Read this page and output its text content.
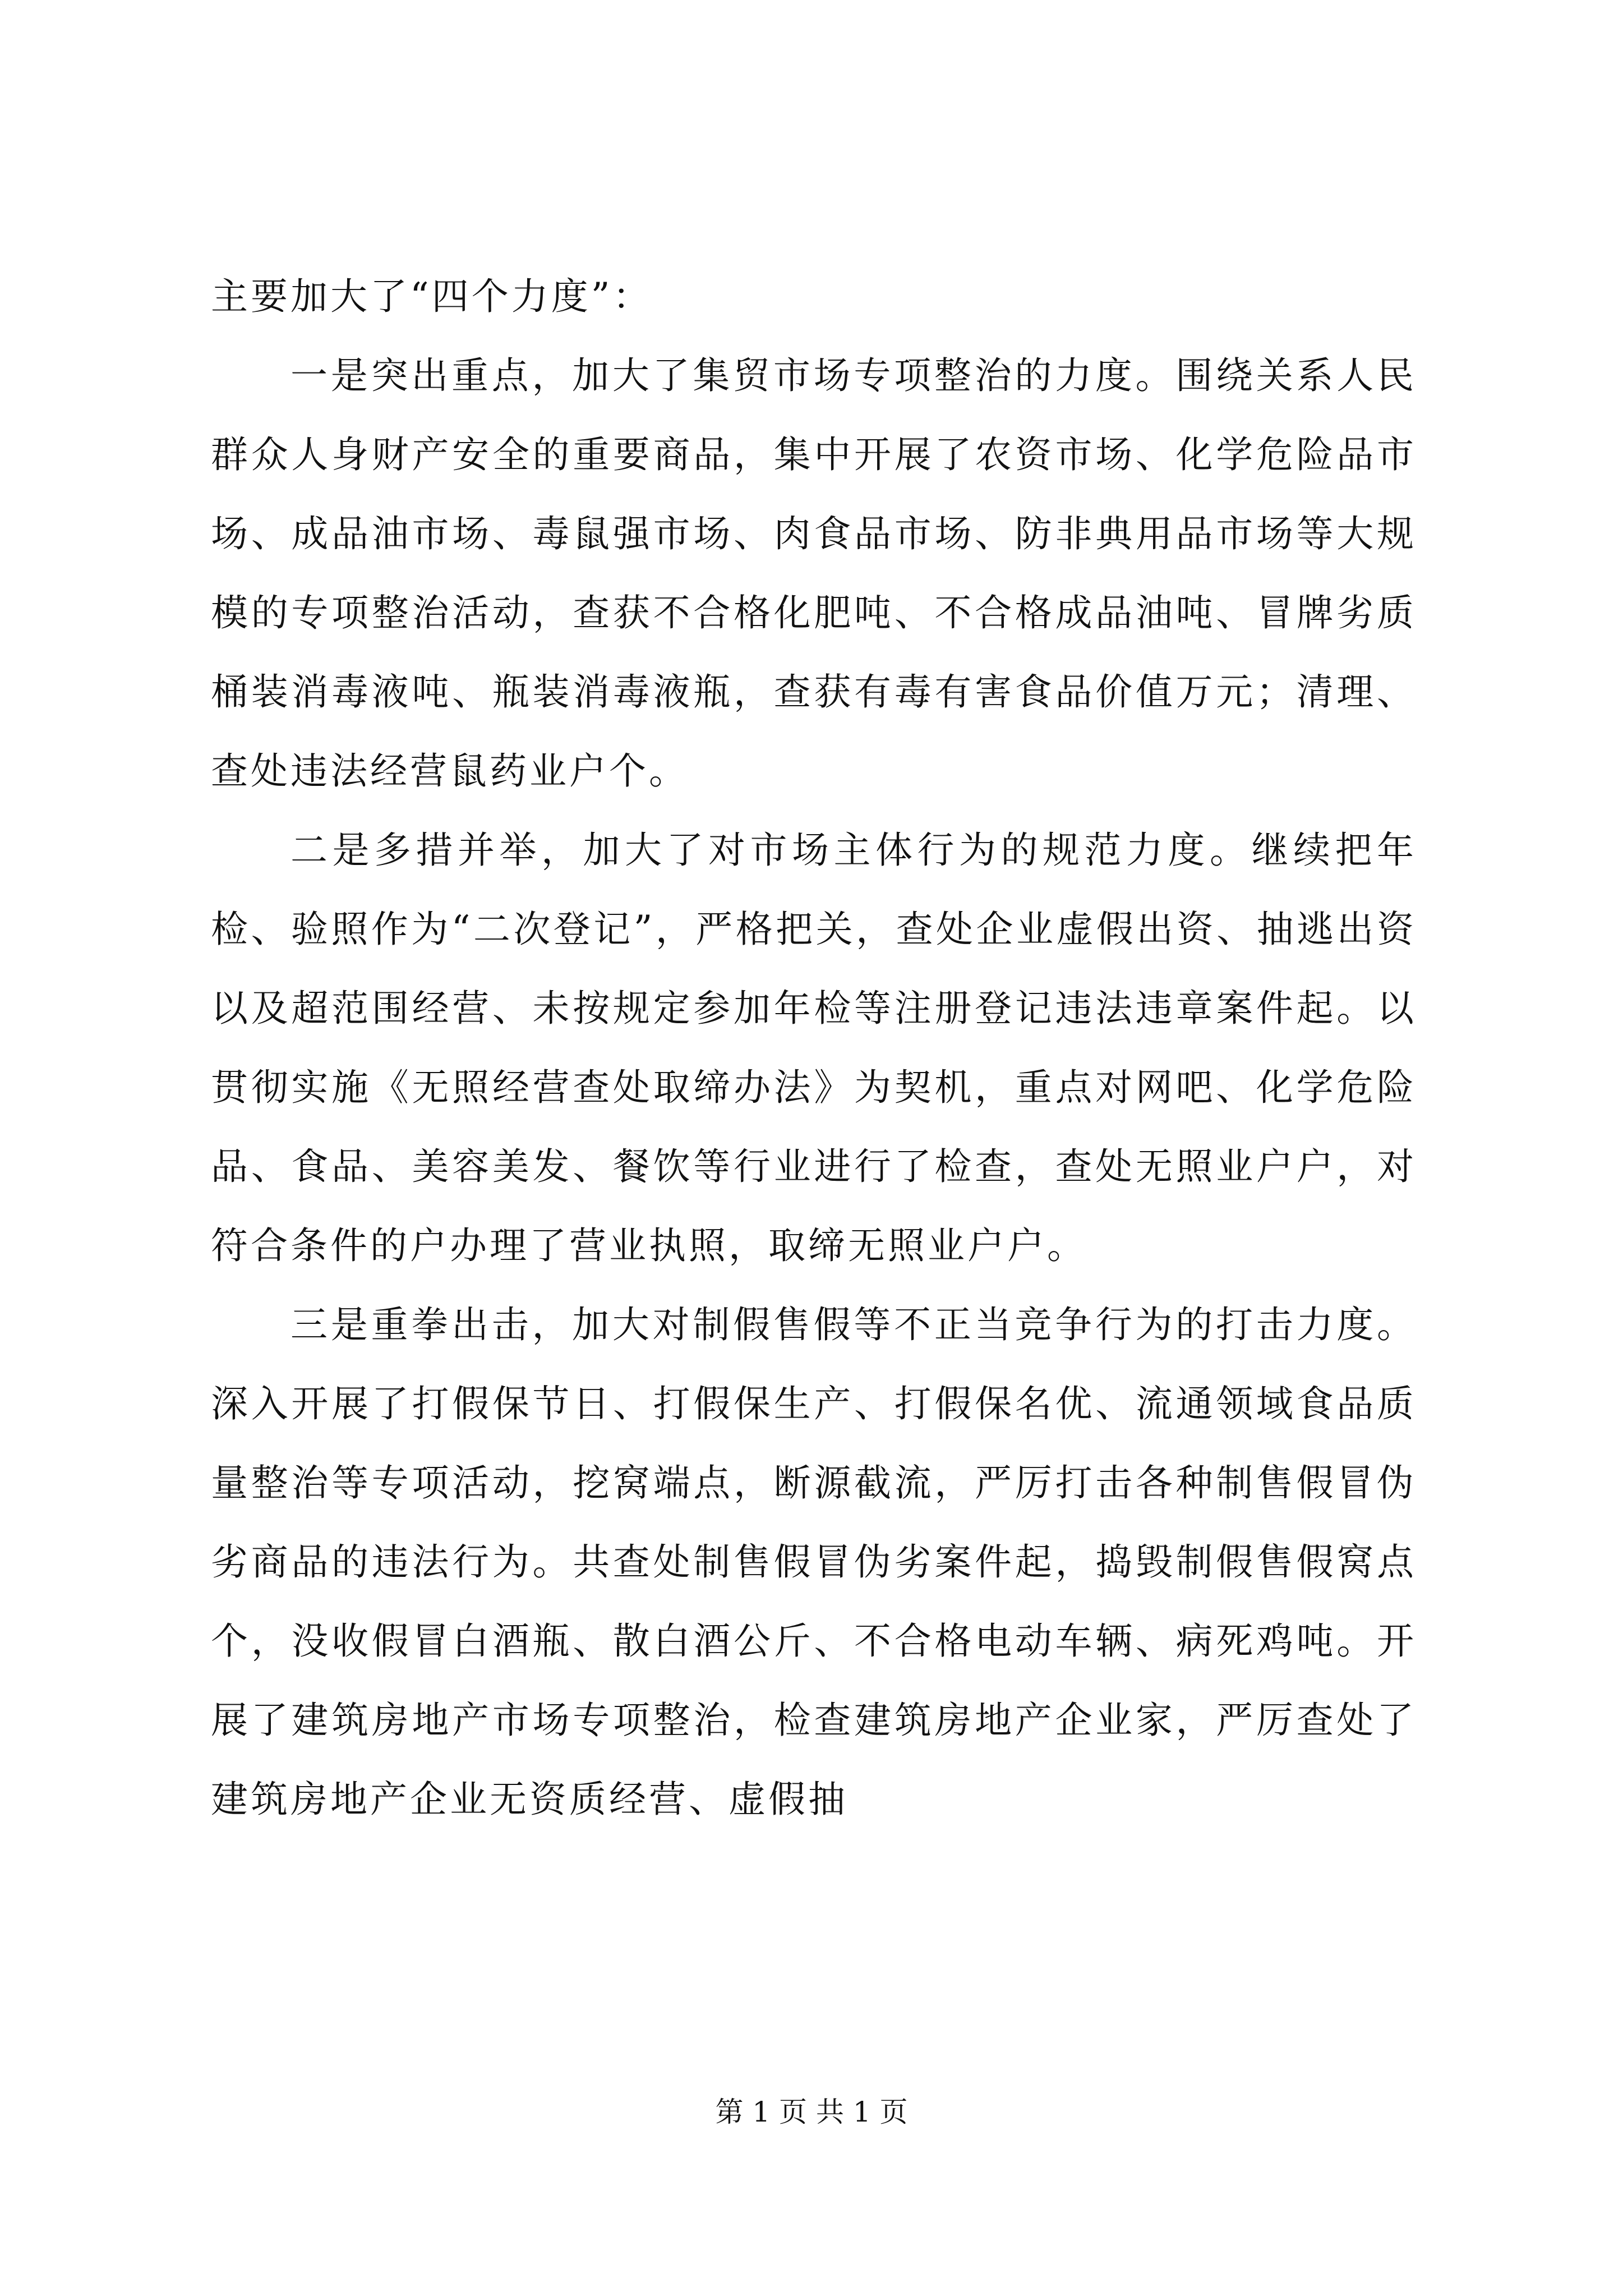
主要加大了“四个力度”：

一是突出重点，加大了集贸市场专项整治的力度。围绕关系人民群众人身财产安全的重要商品，集中开展了农资市场、化学危险品市场、成品油市场、毒鼠强市场、肉食品市场、防非典用品市场等大规模的专项整治活动，查获不合格化肥吨、不合格成品油吨、冒牌劣质桶装消毒液吨、瓶装消毒液瓶，查获有毒有害食品价值万元；清理、查处违法经营鼠药业户个。

二是多措并举，加大了对市场主体行为的规范力度。继续把年检、验照作为“二次登记”，严格把关，查处企业虚假出资、抽逃出资以及超范围经营、未按规定参加年检等注册登记违法违章案件起。以贯彻实施《无照经营查处取缔办法》为契机，重点对网吧、化学危险品、食品、美容美发、餐饮等行业进行了检查，查处无照业户户，对符合条件的户办理了营业执照，取缔无照业户户。

三是重拳出击，加大对制假售假等不正当竞争行为的打击力度。深入开展了打假保节日、打假保生产、打假保名优、流通领域食品质量整治等专项活动，挖窝端点，断源截流，严厉打击各种制售假冒伪劣商品的违法行为。共查处制售假冒伪劣案件起，捣毁制假售假窝点个，没收假冒白酒瓶、散白酒公斤、不合格电动车辆、病死鸡吨。开展了建筑房地产市场专项整治，检查建筑房地产企业家，严厉查处了建筑房地产企业无资质经营、虚假抽

第 1 页 共 1 页
